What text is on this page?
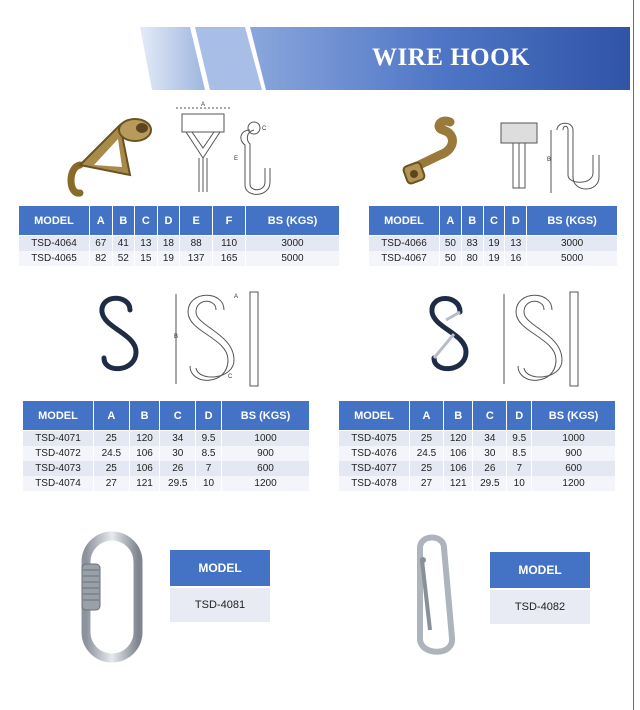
WIRE HOOK
A
E
C
B
MODEL	A	B	C	D	E	F	BS (KGS)
TSD-4064	67	41	13	18	88	110	3000
TSD-4065	82	52	15	19	137	165	5000
MODEL	A	B	C	D	BS (KGS)
TSD-4066	50	83	19	13	3000
TSD-4067	50	80	19	16	5000
B
A
C
MODEL	A	B	C	D	BS (KGS)
TSD-4071	25	120	34	9.5	1000
TSD-4072	24.5	106	30	8.5	900
TSD-4073	25	106	26	7	600
TSD-4074	27	121	29.5	10	1200
MODEL	A	B	C	D	BS (KGS)
TSD-4075	25	120	34	9.5	1000
TSD-4076	24.5	106	30	8.5	900
TSD-4077	25	106	26	7	600
TSD-4078	27	121	29.5	10	1200
MODEL
TSD-4081
MODEL
TSD-4082
